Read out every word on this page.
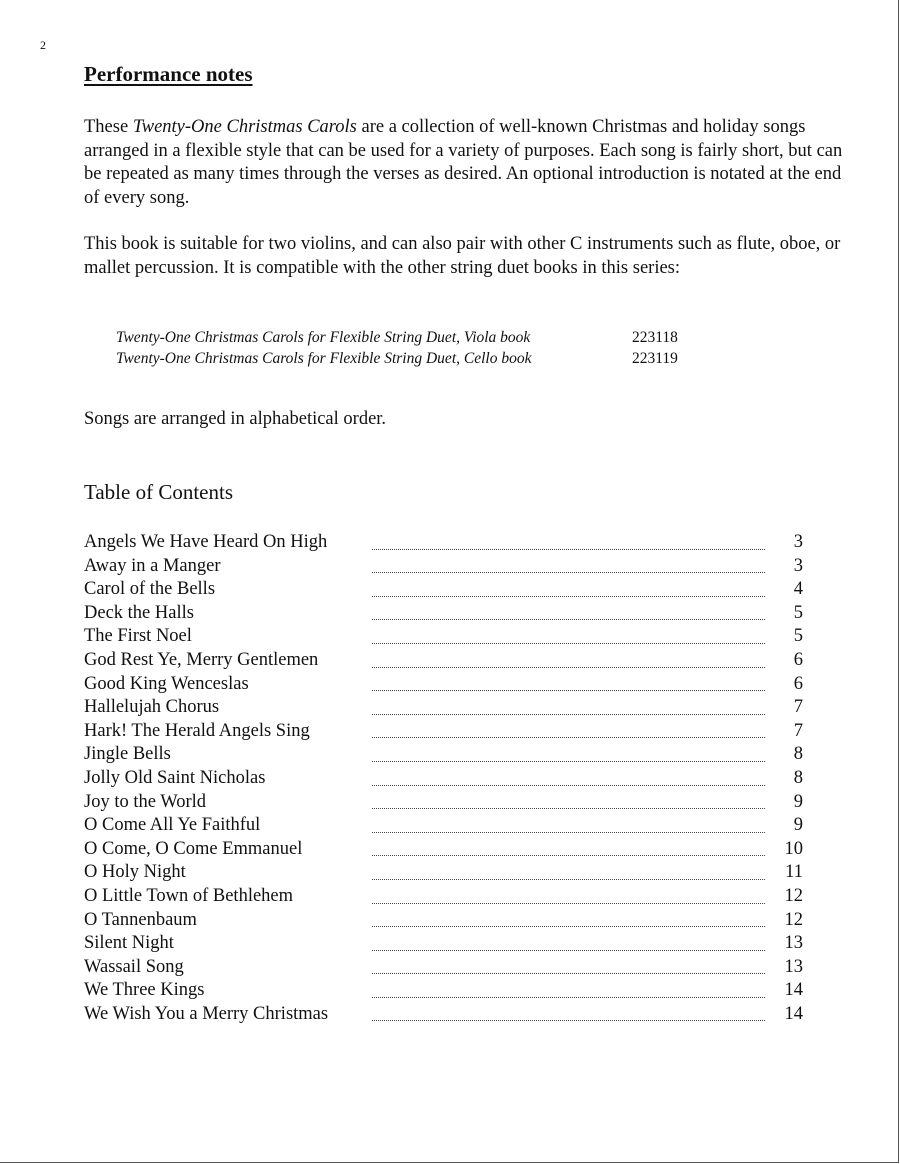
2
Performance notes

These Twenty-One Christmas Carols are a collection of well-known Christmas and holiday songs arranged in a flexible style that can be used for a variety of purposes. Each song is fairly short, but can be repeated as many times through the verses as desired. An optional introduction is notated at the end of every song.

This book is suitable for two violins, and can also pair with other C instruments such as flute, oboe, or mallet percussion. It is compatible with the other string duet books in this series:

Twenty-One Christmas Carols for Flexible String Duet, Viola book	223118
Twenty-One Christmas Carols for Flexible String Duet, Cello book	223119

Songs are arranged in alphabetical order.

Table of Contents
Angels We Have Heard On High	3
Away in a Manger	3
Carol of the Bells	4
Deck the Halls	5
The First Noel	5
God Rest Ye, Merry Gentlemen	6
Good King Wenceslas	6
Hallelujah Chorus	7
Hark! The Herald Angels Sing	7
Jingle Bells	8
Jolly Old Saint Nicholas	8
Joy to the World	9
O Come All Ye Faithful	9
O Come, O Come Emmanuel	10
O Holy Night	11
O Little Town of Bethlehem	12
O Tannenbaum	12
Silent Night	13
Wassail Song	13
We Three Kings	14
We Wish You a Merry Christmas	14
